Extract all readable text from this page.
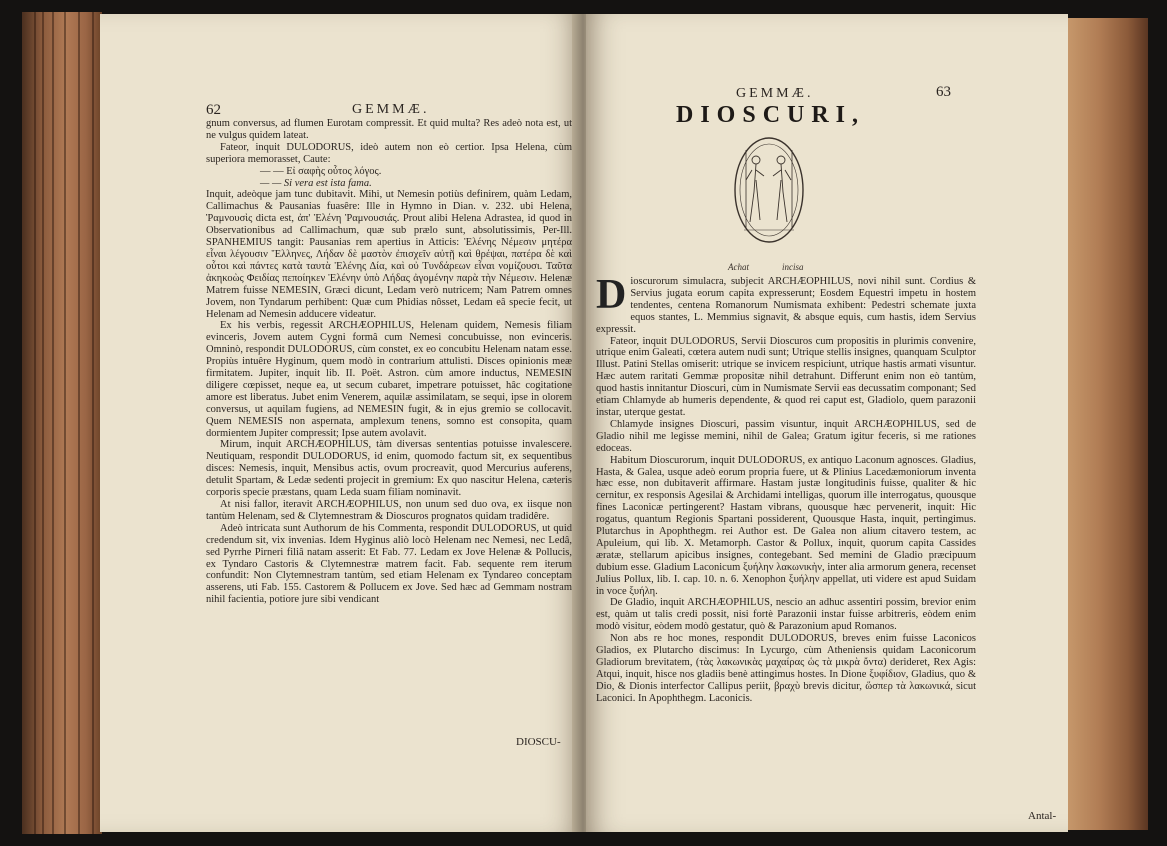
62	GEMMÆ.

gnum conversus, ad flumen Eurotam compressit. Et quid multa? Res adeò nota est, ut ne vulgus quidem lateat.

Fateor, inquit DULODORUS, ideò autem non eò certior. Ipsa Helena, cùm superiora memorasset, Caute:

— — Εἰ σαφὴς οὗτος λόγος.

— — Si vera est ista fama.

Inquit, adeòque jam tunc dubitavit. Mihi, ut Nemesin potiùs definirem, quàm Ledam, Callimachus & Pausanias fuasêre: Ille in Hymno in Dian. v. 232. ubi Helena, Ῥαμνουσὶς dicta est, ἀπ' Ἑλένη Ῥαμνουσιάς. Prout alibi Helena Adrastea, id quod in Observationibus ad Callimachum, quæ sub prælo sunt, absolutissimis, Per-Ill. SPANHEMIUS tangit: Pausanias rem apertius in Atticis: Ἑλένης Νέμεσιν μητέρα εἶναι λέγουσιν Ἕλληνες, Λήδαν δὲ μαστὸν ἐπισχεῖν αὐτῇ καὶ θρέψαι, πατέρα δὲ καὶ οὗτοι καὶ πάντες κατὰ ταυτὰ Ἑλένης Δία, καὶ οὐ Τυνδάρεων εἶναι νομίζουσι. Ταῦτα ἀκηκοὼς Φειδίας πεποίηκεν Ἑλένην ὑπὸ Λήδας ἀγομένην παρὰ τὴν Νέμεσιν. Helenæ Matrem fuisse NEMESIN, Græci dicunt, Ledam verò nutricem; Nam Patrem omnes Jovem, non Tyndarum perhibent: Quæ cum Phidias nôsset, Ledam eâ specie fecit, ut Helenam ad Nemesin adducere videatur.

Ex his verbis, regessit ARCHÆOPHILUS, Helenam quidem, Nemesis filiam evinceris, Jovem autem Cygni formâ cum Nemesi concubuisse, non evinceris. Omninò, respondit DULODORUS, cùm constet, ex eo concubitu Helenam natam esse. Propiùs intuêre Hyginum, quem modò in contrarium attulisti. Disces opinionis meæ firmitatem. Jupiter, inquit lib. II. Poët. Astron. cùm amore inductus, NEMESIN diligere cœpisset, neque ea, ut secum cubaret, impetrare potuisset, hâc cogitatione amore est liberatus. Jubet enim Venerem, aquilæ assimilatam, se sequi, ipse in olorem conversus, ut aquilam fugiens, ad NEMESIN fugit, & in ejus gremio se collocavit. Quem NEMESIS non aspernata, amplexum tenens, somno est consopita, quam dormientem Jupiter compressit; Ipse autem avolavit.

Mirum, inquit ARCHÆOPHILUS, tàm diversas sententias potuisse invalescere. Neutiquam, respondit DULODORUS, id enim, quomodo factum sit, ex sequentibus disces: Nemesis, inquit, Mensibus actis, ovum procreavit, quod Mercurius auferens, detulit Spartam, & Ledæ sedenti projecit in gremium: Ex quo nascitur Helena, cæteris corporis specie præstans, quam Leda suam filiam nominavit.

At nisi fallor, iteravit ARCHÆOPHILUS, non unum sed duo ova, ex iisque non tantùm Helenam, sed & Clytemnestram & Dioscuros prognatos quidam tradidêre.

Adeò intricata sunt Authorum de his Commenta, respondit DULODORUS, ut quid credendum sit, vix invenias. Idem Hyginus aliò locò Helenam nec Nemesi, nec Ledâ, sed Pyrrhe Pirneri filiâ natam asserit: Et Fab. 77. Ledam ex Jove Helenæ & Pollucis, ex Tyndaro Castoris & Clytemnestræ matrem facit. Fab. sequente rem iterum confundit: Non Clytemnestram tantùm, sed etiam Helenam ex Tyndareo conceptam asserens, uti Fab. 155. Castorem & Pollucem ex Jove. Sed hæc ad Gemmam nostram nihil facientia, potiore jure sibi vendicant

DIOSCU-
GEMMÆ.	63
DIOSCURI,
Achat	incisa

Dioscurorum simulacra, subjecit ARCHÆOPHILUS, novi nihil sunt. Cordius & Servius jugata eorum capita expresserunt; Eosdem Equestri impetu in hostem tendentes, centena Romanorum Numismata exhibent: Pedestri schemate juxta equos stantes, L. Memmius signavit, & absque equis, cum hastis, idem Servius expressit.

Fateor, inquit DULODORUS, Servii Dioscuros cum propositis in plurimis convenire, utrique enim Galeati, cœtera autem nudi sunt; Utrique stellis insignes, quanquam Sculptor Illust. Patini Stellas omiserit: utrique se invicem respiciunt, utrique hastis armati visuntur. Hæc autem raritati Gemmæ propositæ nihil detrahunt. Differunt enim non eò tantùm, quod hastis innitantur Dioscuri, cùm in Numismate Servii eas decussatim componant; Sed etiam Chlamyde ab humeris dependente, & quod rei caput est, Gladiolo, quem parazonii instar, uterque gestat.

Chlamyde insignes Dioscuri, passim visuntur, inquit ARCHÆOPHILUS, sed de Gladio nihil me legisse memini, nihil de Galea; Gratum igitur feceris, si me rationes edoceas.

Habitum Dioscurorum, inquit DULODORUS, ex antiquo Laconum agnosces. Gladius, Hasta, & Galea, usque adeò eorum propria fuere, ut & Plinius Lacedæmoniorum inventa hæc esse, non dubitaverit affirmare. Hastam justæ longitudinis fuisse, qualiter & hic cernitur, ex responsis Agesilai & Archidami intelligas, quorum ille interrogatus, quousque fines Laconicæ pertingerent? Hastam vibrans, quousque hæc pervenerit, inquit: Hic rogatus, quantum Regionis Spartani possiderent, Quousque Hasta, inquit, pertingimus. Plutarchus in Apophthegm. rei Author est. De Galea non alium citavero testem, ac Apuleium, qui lib. X. Metamorph. Castor & Pollux, inquit, quorum capita Cassides æratæ, stellarum apicibus insignes, contegebant. Sed memini de Gladio præcipuum dubium esse. Gladium Laconicum ξυήλην λακωνικὴν, inter alia armorum genera, recenset Julius Pollux, lib. I. cap. 10. n. 6. Xenophon ξυήλην appellat, uti videre est apud Suidam in voce ξυήλη.

De Gladio, inquit ARCHÆOPHILUS, nescio an adhuc assentiri possim, brevior enim est, quàm ut talis credi possit, nisi fortè Parazonii instar fuisse arbitreris, eòdem enim modò visitur, eòdem modò gestatur, quò & Parazonium apud Romanos.

Non abs re hoc mones, respondit DULODORUS, breves enim fuisse Laconicos Gladios, ex Plutarcho discimus: In Lycurgo, cùm Atheniensis quidam Laconicorum Gladiorum brevitatem, (τὰς λακωνικὰς μαχαίρας ὡς τὰ μικρὰ ὄντα) derideret, Rex Agis: Atqui, inquit, hisce nos gladiis benè attingimus hostes. In Dione ξυφίδιον, Gladius, quo & Dio, & Dionis interfector Callipus periit, βραχὺ brevis dicitur, ὥσπερ τὰ λακωνικά, sicut Laconici. In Apophthegm. Laconicis.

Antal-
